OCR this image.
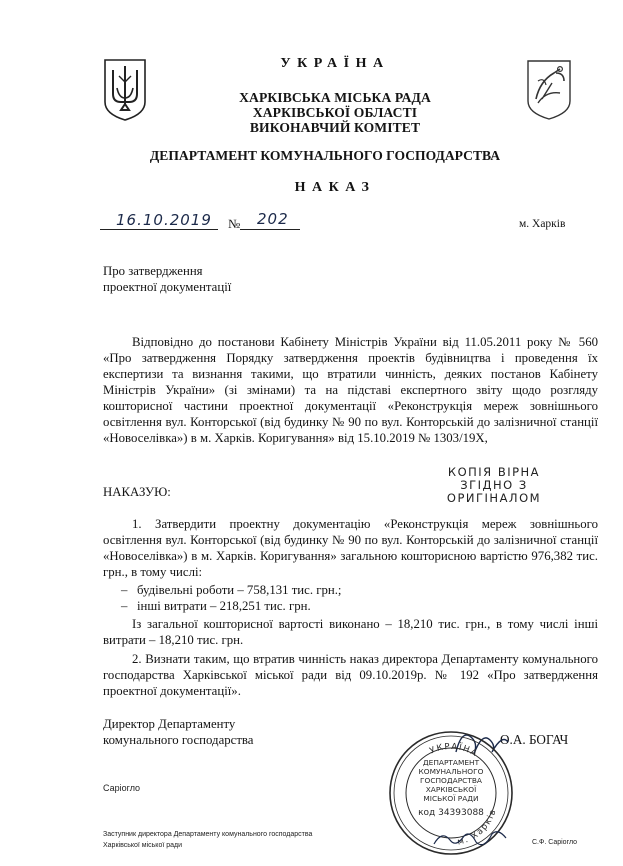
УКРАЇНА
ХАРКІВСЬКА МІСЬКА РАДА
ХАРКІВСЬКОЇ ОБЛАСТІ
ВИКОНАВЧИЙ КОМІТЕТ
ДЕПАРТАМЕНТ КОМУНАЛЬНОГО ГОСПОДАРСТВА
НАКАЗ
16.10.2019 № 202	м. Харків
Про затвердження
проектної документації
Відповідно до постанови Кабінету Міністрів України від 11.05.2011 року № 560 «Про затвердження Порядку затвердження проектів будівництва і проведення їх експертизи та визнання такими, що втратили чинність, деяких постанов Кабінету Міністрів України» (зі змінами) та на підставі експертного звіту щодо розгляду кошторисної частини проектної документації «Реконструкція мереж зовнішнього освітлення вул. Конторської (від будинку № 90 по вул. Конторській до залізничної станції «Новоселівка») в м. Харків. Коригування» від 15.10.2019 № 1303/19Х,
НАКАЗУЮ:
КОПІЯ ВІРНА
ЗГІДНО З
ОРИГІНАЛОМ
1. Затвердити проектну документацію «Реконструкція мереж зовнішнього освітлення вул. Конторської (від будинку № 90 по вул. Конторській до залізничної станції «Новоселівка») в м. Харків. Коригування» загальною кошторисною вартістю 976,382 тис. грн., в тому числі:
– будівельні роботи – 758,131 тис. грн.;
– інші витрати – 218,251 тис. грн.
Із загальної кошторисної вартості виконано – 18,210 тис. грн., в тому числі інші витрати – 18,210 тис. грн.
2. Визнати таким, що втратив чинність наказ директора Департаменту комунального господарства Харківської міської ради від 09.10.2019р. № 192 «Про затвердження проектної документації».
Директор Департаменту
комунального господарства	О.А. БОГАЧ
УКРАЇНА
м. Харків
ДЕПАРТАМЕНТ
КОМУНАЛЬНОГО
ГОСПОДАРСТВА
ХАРКІВСЬКОЇ
МІСЬКОЇ РАДИ
код 34393088
Саріогло
Заступник директора Департаменту комунального господарства
Харківської міської ради	С.Ф. Саріогло
